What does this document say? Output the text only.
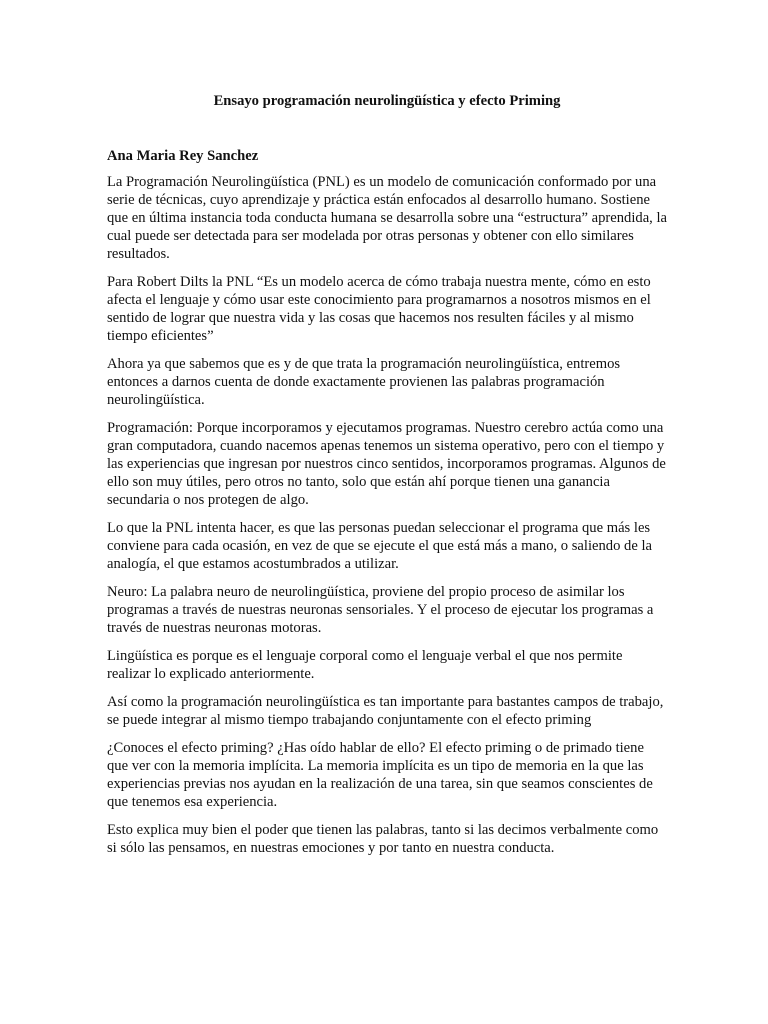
Ensayo programación neurolingüística y efecto Priming

Ana Maria Rey Sanchez

La Programación Neurolingüística (PNL) es un modelo de comunicación conformado por una serie de técnicas, cuyo aprendizaje y práctica están enfocados al desarrollo humano. Sostiene que en última instancia toda conducta humana se desarrolla sobre una “estructura” aprendida, la cual puede ser detectada para ser modelada por otras personas y obtener con ello similares resultados.

Para Robert Dilts la PNL “Es un modelo acerca de cómo trabaja nuestra mente, cómo en esto afecta el lenguaje y cómo usar este conocimiento para programarnos a nosotros mismos en el sentido de lograr que nuestra vida y las cosas que hacemos nos resulten fáciles y al mismo tiempo eficientes”

Ahora ya que sabemos que es y de que trata la programación neurolingüística, entremos entonces a darnos cuenta de donde exactamente provienen las palabras programación neurolingüística.

Programación: Porque incorporamos y ejecutamos programas. Nuestro cerebro actúa como una gran computadora, cuando nacemos apenas tenemos un sistema operativo, pero con el tiempo y las experiencias que ingresan por nuestros cinco sentidos, incorporamos programas. Algunos de ello son muy útiles, pero otros no tanto, solo que están ahí porque tienen una ganancia secundaria o nos protegen de algo.

Lo que la PNL intenta hacer, es que las personas puedan seleccionar el programa que más les conviene para cada ocasión, en vez de que se ejecute el que está más a mano, o saliendo de la analogía, el que estamos acostumbrados a utilizar.

Neuro: La palabra neuro de neurolingüística, proviene del propio proceso de asimilar los programas a través de nuestras neuronas sensoriales. Y el proceso de ejecutar los programas a través de nuestras neuronas motoras.

Lingüística es porque es el lenguaje corporal como el lenguaje verbal el que nos permite realizar lo explicado anteriormente.

Así como la programación neurolingüística es tan importante para bastantes campos de trabajo, se puede integrar al mismo tiempo trabajando conjuntamente con el efecto priming

¿Conoces el efecto priming? ¿Has oído hablar de ello? El efecto priming o de primado tiene que ver con la memoria implícita. La memoria implícita es un tipo de memoria en la que las experiencias previas nos ayudan en la realización de una tarea, sin que seamos conscientes de que tenemos esa experiencia.

Esto explica muy bien el poder que tienen las palabras, tanto si las decimos verbalmente como si sólo las pensamos, en nuestras emociones y por tanto en nuestra conducta.
